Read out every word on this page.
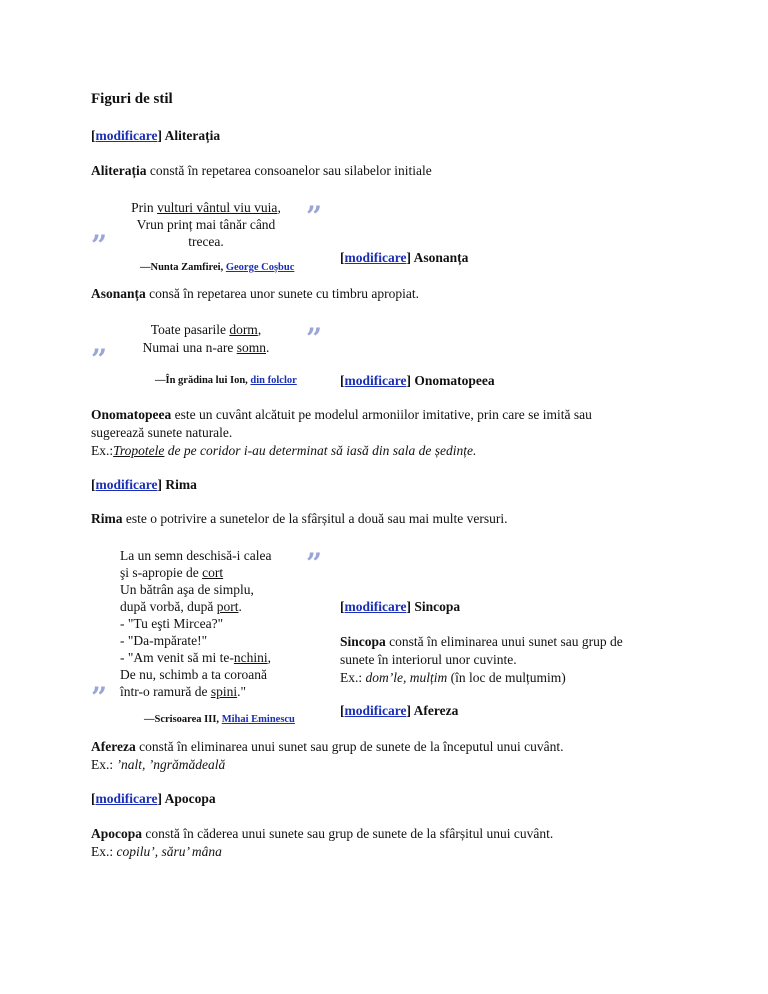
Figuri de stil
[modificare] Aliterația
Aliterația constă în repetarea consoanelor sau silabelor initiale
Prin vulturi vântul viu vuia,
Vrun prinț mai tânăr când
trecea.
”
”
—Nunta Zamfirei, George Coșbuc
[modificare] Asonanța
Asonanța consă în repetarea unor sunete cu timbru apropiat.
Toate pasarile dorm,
Numai una n-are somn.	”
”
—În grădina lui Ion, din folclor	[modificare] Onomatopeea
Onomatopeea este un cuvânt alcătuit pe modelul armoniilor imitative, prin care se imită sau
sugerează sunete naturale.
Ex.:Tropotele de pe coridor i-au determinat să iasă din sala de ședințe.
[modificare] Rima
Rima este o potrivire a sunetelor de la sfârșitul a două sau mai multe versuri.
La un semn deschisă-i calea
şi s-apropie de cort
Un bătrân aşa de simplu,
după vorbă, după port.
- "Tu eşti Mircea?"
- "Da-mpărate!"
- "Am venit să mi te-nchini,
De nu, schimb a ta coroană
într-o ramură de spini."
”
”
—Scrisoarea III, Mihai Eminescu
[modificare] Sincopa
Sincopa constă în eliminarea unui sunet sau grup de
sunete în interiorul unor cuvinte.
Ex.: dom’le, mulțim (în loc de mulțumim)
[modificare] Afereza
Afereza constă în eliminarea unui sunet sau grup de sunete de la începutul unui cuvânt.
Ex.: ’nalt, ’ngrămădeală
[modificare] Apocopa
Apocopa constă în căderea unui sunete sau grup de sunete de la sfârșitul unui cuvânt.
Ex.: copilu’, săru’ mâna
